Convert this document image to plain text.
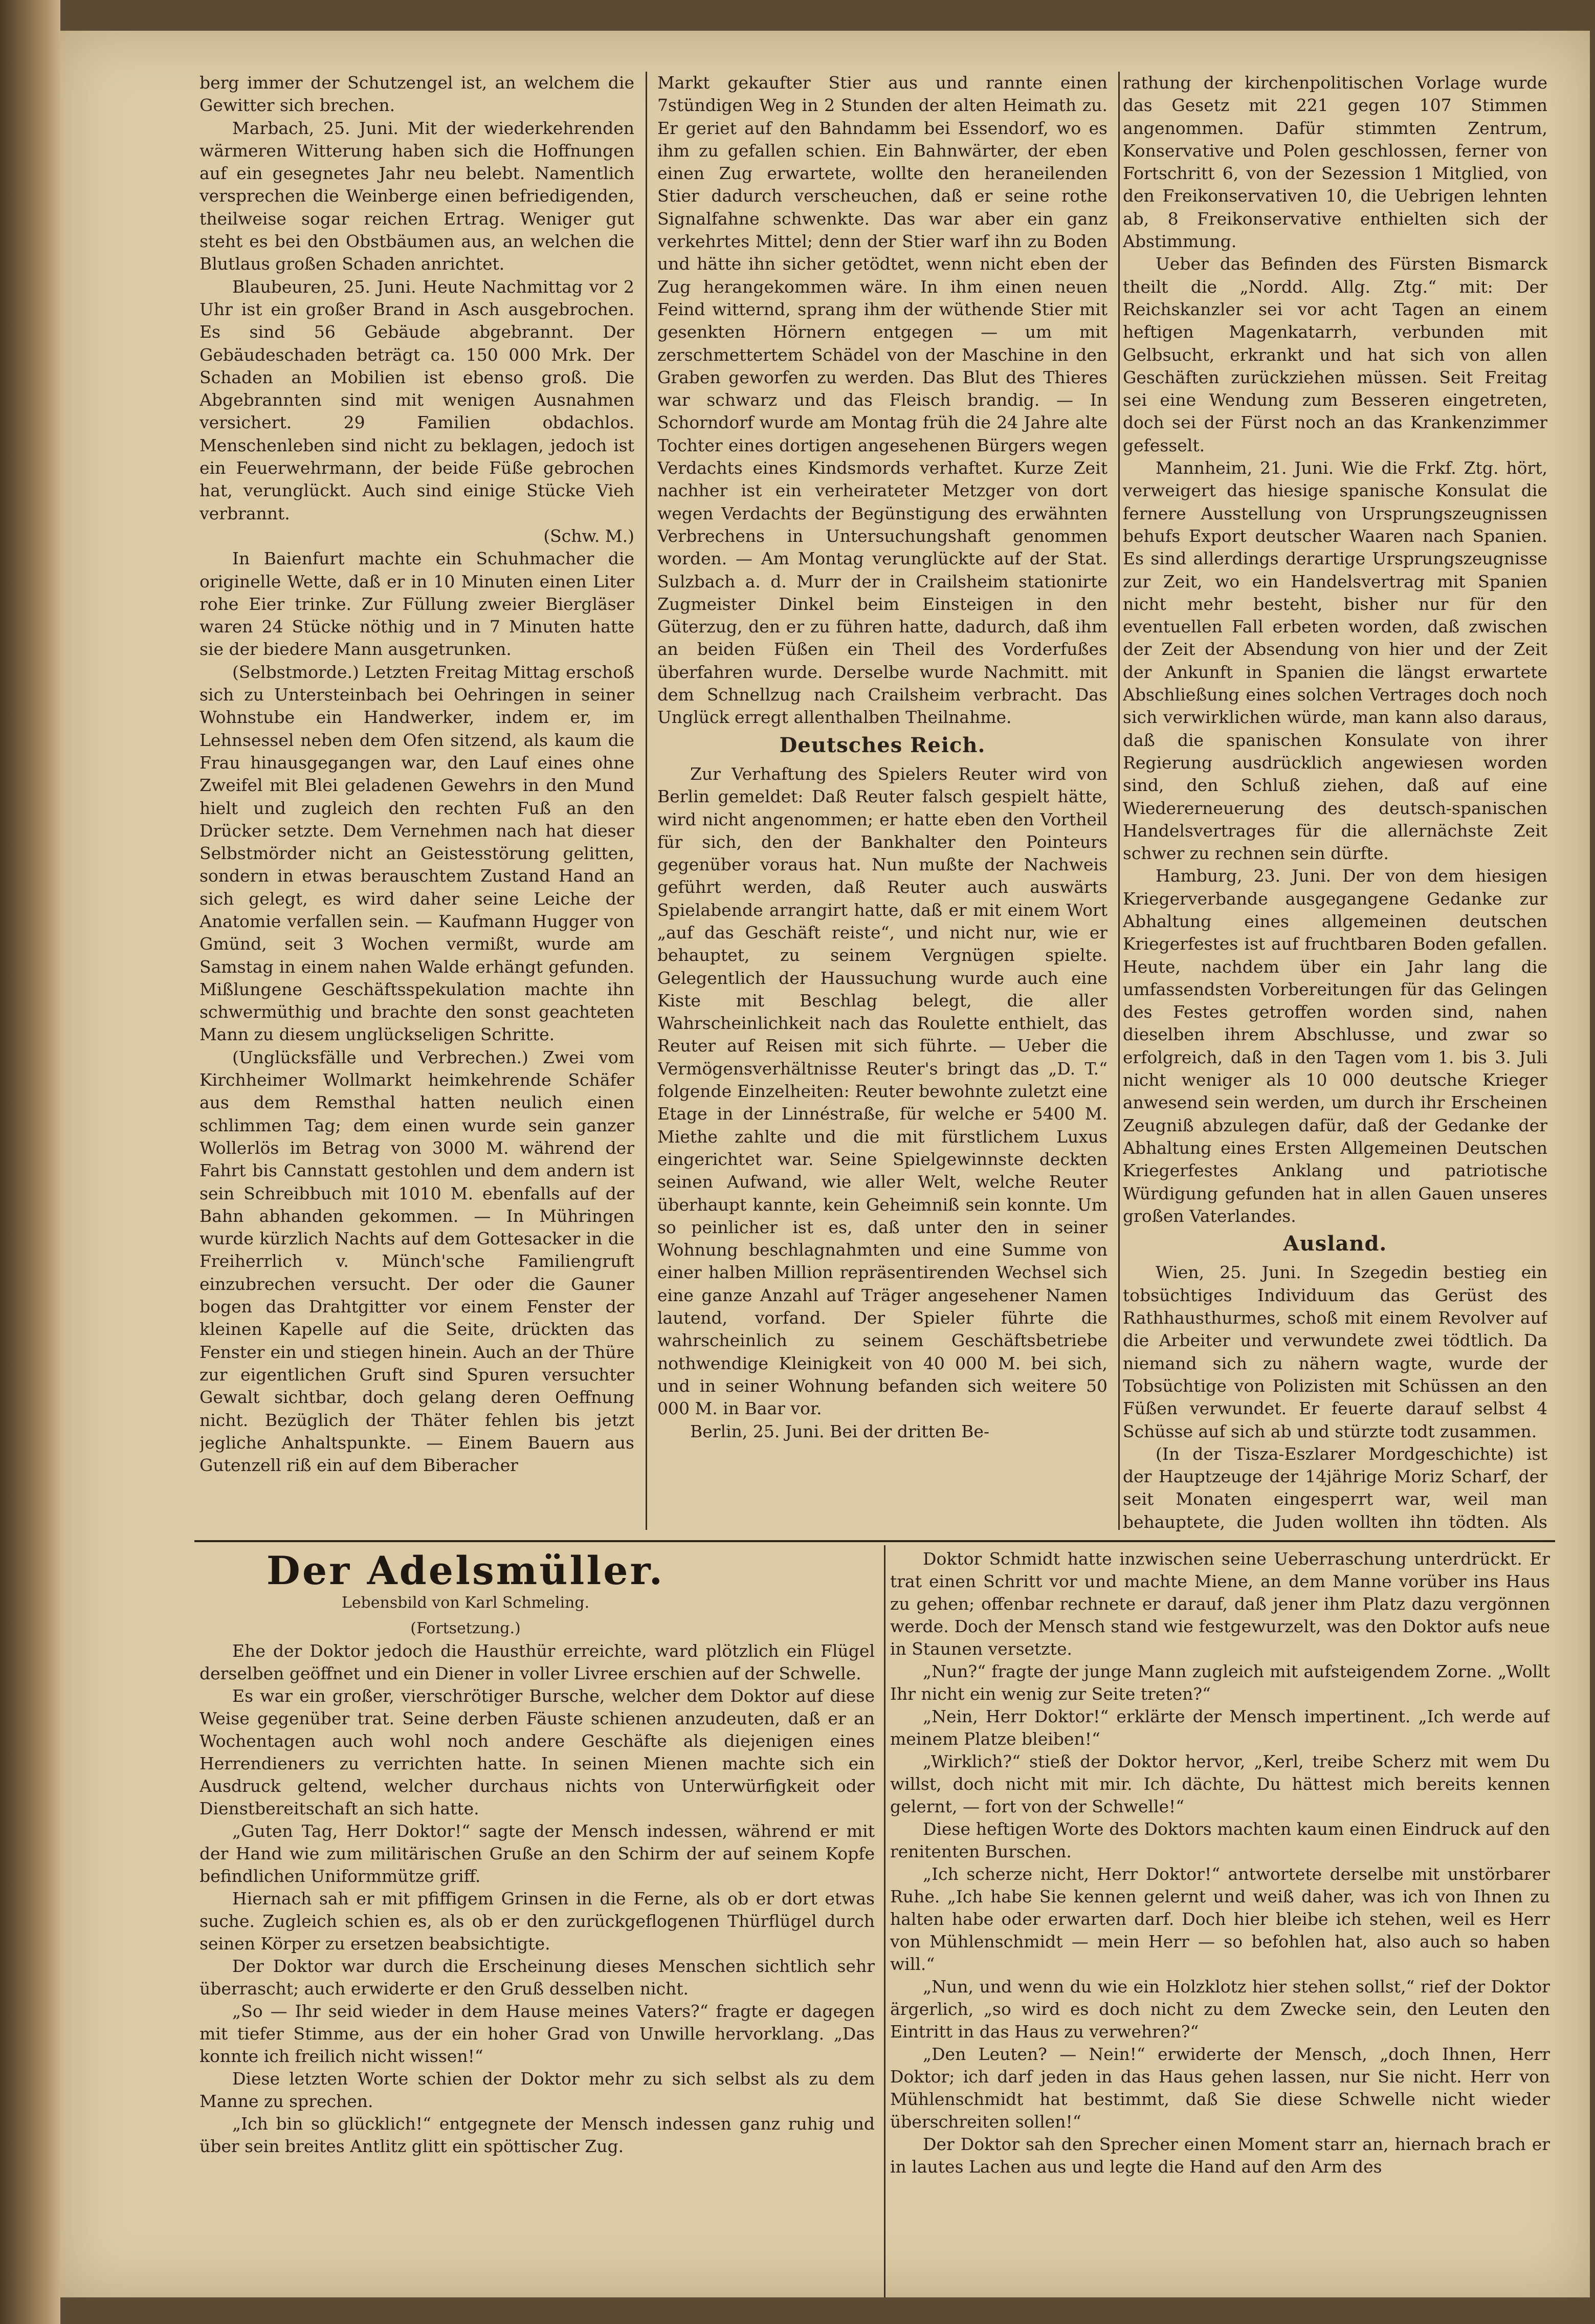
berg immer der Schutzengel ist, an welchem die Gewitter sich brechen.

Marbach, 25. Juni. Mit der wiederkehrenden wärmeren Witterung haben sich die Hoffnungen auf ein gesegnetes Jahr neu belebt. Namentlich versprechen die Weinberge einen befriedigenden, theilweise sogar reichen Ertrag. Weniger gut steht es bei den Obstbäumen aus, an welchen die Blutlaus großen Schaden anrichtet.

Blaubeuren, 25. Juni. Heute Nachmittag vor 2 Uhr ist ein großer Brand in Asch ausgebrochen. Es sind 56 Gebäude abgebrannt. Der Gebäudeschaden beträgt ca. 150 000 Mrk. Der Schaden an Mobilien ist ebenso groß. Die Abgebrannten sind mit wenigen Ausnahmen versichert. 29 Familien obdachlos. Menschenleben sind nicht zu beklagen, jedoch ist ein Feuerwehrmann, der beide Füße gebrochen hat, verunglückt. Auch sind einige Stücke Vieh verbrannt.

(Schw. M.)

In Baienfurt machte ein Schuhmacher die originelle Wette, daß er in 10 Minuten einen Liter rohe Eier trinke. Zur Füllung zweier Biergläser waren 24 Stücke nöthig und in 7 Minuten hatte sie der biedere Mann ausgetrunken.

(Selbstmorde.) Letzten Freitag Mittag erschoß sich zu Untersteinbach bei Oehringen in seiner Wohnstube ein Handwerker, indem er, im Lehnsessel neben dem Ofen sitzend, als kaum die Frau hinausgegangen war, den Lauf eines ohne Zweifel mit Blei geladenen Gewehrs in den Mund hielt und zugleich den rechten Fuß an den Drücker setzte. Dem Vernehmen nach hat dieser Selbstmörder nicht an Geistesstörung gelitten, sondern in etwas berauschtem Zustand Hand an sich gelegt, es wird daher seine Leiche der Anatomie verfallen sein. — Kaufmann Hugger von Gmünd, seit 3 Wochen vermißt, wurde am Samstag in einem nahen Walde erhängt gefunden. Mißlungene Geschäftsspekulation machte ihn schwermüthig und brachte den sonst geachteten Mann zu diesem unglückseligen Schritte.

(Unglücksfälle und Verbrechen.) Zwei vom Kirchheimer Wollmarkt heimkehrende Schäfer aus dem Remsthal hatten neulich einen schlimmen Tag; dem einen wurde sein ganzer Wollerlös im Betrag von 3000 M. während der Fahrt bis Cannstatt gestohlen und dem andern ist sein Schreibbuch mit 1010 M. ebenfalls auf der Bahn abhanden gekommen. — In Mühringen wurde kürzlich Nachts auf dem Gottesacker in die Freiherrlich v. Münch'sche Familiengruft einzubrechen versucht. Der oder die Gauner bogen das Drahtgitter vor einem Fenster der kleinen Kapelle auf die Seite, drückten das Fenster ein und stiegen hinein. Auch an der Thüre zur eigentlichen Gruft sind Spuren versuchter Gewalt sichtbar, doch gelang deren Oeffnung nicht. Bezüglich der Thäter fehlen bis jetzt jegliche Anhaltspunkte. — Einem Bauern aus Gutenzell riß ein auf dem Biberacher

Markt gekaufter Stier aus und rannte einen 7stündigen Weg in 2 Stunden der alten Heimath zu. Er geriet auf den Bahndamm bei Essendorf, wo es ihm zu gefallen schien. Ein Bahnwärter, der eben einen Zug erwartete, wollte den heraneilenden Stier dadurch verscheuchen, daß er seine rothe Signalfahne schwenkte. Das war aber ein ganz verkehrtes Mittel; denn der Stier warf ihn zu Boden und hätte ihn sicher getödtet, wenn nicht eben der Zug herangekommen wäre. In ihm einen neuen Feind witternd, sprang ihm der wüthende Stier mit gesenkten Hörnern entgegen — um mit zerschmettertem Schädel von der Maschine in den Graben geworfen zu werden. Das Blut des Thieres war schwarz und das Fleisch brandig. — In Schorndorf wurde am Montag früh die 24 Jahre alte Tochter eines dortigen angesehenen Bürgers wegen Verdachts eines Kindsmords verhaftet. Kurze Zeit nachher ist ein verheirateter Metzger von dort wegen Verdachts der Begünstigung des erwähnten Verbrechens in Untersuchungshaft genommen worden. — Am Montag verunglückte auf der Stat. Sulzbach a. d. Murr der in Crailsheim stationirte Zugmeister Dinkel beim Einsteigen in den Güterzug, den er zu führen hatte, dadurch, daß ihm an beiden Füßen ein Theil des Vorderfußes überfahren wurde. Derselbe wurde Nachmitt. mit dem Schnellzug nach Crailsheim verbracht. Das Unglück erregt allenthalben Theilnahme.

Deutsches Reich.

Zur Verhaftung des Spielers Reuter wird von Berlin gemeldet: Daß Reuter falsch gespielt hätte, wird nicht angenommen; er hatte eben den Vortheil für sich, den der Bankhalter den Pointeurs gegenüber voraus hat. Nun mußte der Nachweis geführt werden, daß Reuter auch auswärts Spielabende arrangirt hatte, daß er mit einem Wort „auf das Geschäft reiste“, und nicht nur, wie er behauptet, zu seinem Vergnügen spielte. Gelegentlich der Haussuchung wurde auch eine Kiste mit Beschlag belegt, die aller Wahrscheinlichkeit nach das Roulette enthielt, das Reuter auf Reisen mit sich führte. — Ueber die Vermögensverhältnisse Reuter's bringt das „D. T.“ folgende Einzelheiten: Reuter bewohnte zuletzt eine Etage in der Linnéstraße, für welche er 5400 M. Miethe zahlte und die mit fürstlichem Luxus eingerichtet war. Seine Spielgewinnste deckten seinen Aufwand, wie aller Welt, welche Reuter überhaupt kannte, kein Geheimniß sein konnte. Um so peinlicher ist es, daß unter den in seiner Wohnung beschlagnahmten und eine Summe von einer halben Million repräsentirenden Wechsel sich eine ganze Anzahl auf Träger angesehener Namen lautend, vorfand. Der Spieler führte die wahrscheinlich zu seinem Geschäftsbetriebe nothwendige Kleinigkeit von 40 000 M. bei sich, und in seiner Wohnung befanden sich weitere 50 000 M. in Baar vor.

Berlin, 25. Juni. Bei der dritten Be-

rathung der kirchenpolitischen Vorlage wurde das Gesetz mit 221 gegen 107 Stimmen angenommen. Dafür stimmten Zentrum, Konservative und Polen geschlossen, ferner von Fortschritt 6, von der Sezession 1 Mitglied, von den Freikonservativen 10, die Uebrigen lehnten ab, 8 Freikonservative enthielten sich der Abstimmung.

Ueber das Befinden des Fürsten Bismarck theilt die „Nordd. Allg. Ztg.“ mit: Der Reichskanzler sei vor acht Tagen an einem heftigen Magenkatarrh, verbunden mit Gelbsucht, erkrankt und hat sich von allen Geschäften zurückziehen müssen. Seit Freitag sei eine Wendung zum Besseren eingetreten, doch sei der Fürst noch an das Krankenzimmer gefesselt.

Mannheim, 21. Juni. Wie die Frkf. Ztg. hört, verweigert das hiesige spanische Konsulat die fernere Ausstellung von Ursprungszeugnissen behufs Export deutscher Waaren nach Spanien. Es sind allerdings derartige Ursprungszeugnisse zur Zeit, wo ein Handelsvertrag mit Spanien nicht mehr besteht, bisher nur für den eventuellen Fall erbeten worden, daß zwischen der Zeit der Absendung von hier und der Zeit der Ankunft in Spanien die längst erwartete Abschließung eines solchen Vertrages doch noch sich verwirklichen würde, man kann also daraus, daß die spanischen Konsulate von ihrer Regierung ausdrücklich angewiesen worden sind, den Schluß ziehen, daß auf eine Wiedererneuerung des deutsch-spanischen Handelsvertrages für die allernächste Zeit schwer zu rechnen sein dürfte.

Hamburg, 23. Juni. Der von dem hiesigen Kriegerverbande ausgegangene Gedanke zur Abhaltung eines allgemeinen deutschen Kriegerfestes ist auf fruchtbaren Boden gefallen. Heute, nachdem über ein Jahr lang die umfassendsten Vorbereitungen für das Gelingen des Festes getroffen worden sind, nahen dieselben ihrem Abschlusse, und zwar so erfolgreich, daß in den Tagen vom 1. bis 3. Juli nicht weniger als 10 000 deutsche Krieger anwesend sein werden, um durch ihr Erscheinen Zeugniß abzulegen dafür, daß der Gedanke der Abhaltung eines Ersten Allgemeinen Deutschen Kriegerfestes Anklang und patriotische Würdigung gefunden hat in allen Gauen unseres großen Vaterlandes.

Ausland.

Wien, 25. Juni. In Szegedin bestieg ein tobsüchtiges Individuum das Gerüst des Rathhausthurmes, schoß mit einem Revolver auf die Arbeiter und verwundete zwei tödtlich. Da niemand sich zu nähern wagte, wurde der Tobsüchtige von Polizisten mit Schüssen an den Füßen verwundet. Er feuerte darauf selbst 4 Schüsse auf sich ab und stürzte todt zusammen.

(In der Tisza-Eszlarer Mordgeschichte) ist der Hauptzeuge der 14jährige Moriz Scharf, der seit Monaten eingesperrt war, weil man behauptete, die Juden wollten ihn tödten. Als

Der Adelsmüller.
Lebensbild von Karl Schmeling.
(Fortsetzung.)

Ehe der Doktor jedoch die Hausthür erreichte, ward plötzlich ein Flügel derselben geöffnet und ein Diener in voller Livree erschien auf der Schwelle.

Es war ein großer, vierschrötiger Bursche, welcher dem Doktor auf diese Weise gegenüber trat. Seine derben Fäuste schienen anzudeuten, daß er an Wochentagen auch wohl noch andere Geschäfte als diejenigen eines Herrendieners zu verrichten hatte. In seinen Mienen machte sich ein Ausdruck geltend, welcher durchaus nichts von Unterwürfigkeit oder Dienstbereitschaft an sich hatte.

„Guten Tag, Herr Doktor!“ sagte der Mensch indessen, während er mit der Hand wie zum militärischen Gruße an den Schirm der auf seinem Kopfe befindlichen Uniformmütze griff.

Hiernach sah er mit pfiffigem Grinsen in die Ferne, als ob er dort etwas suche. Zugleich schien es, als ob er den zurückgeflogenen Thürflügel durch seinen Körper zu ersetzen beabsichtigte.

Der Doktor war durch die Erscheinung dieses Menschen sichtlich sehr überrascht; auch erwiderte er den Gruß desselben nicht.

„So — Ihr seid wieder in dem Hause meines Vaters?“ fragte er dagegen mit tiefer Stimme, aus der ein hoher Grad von Unwille hervorklang. „Das konnte ich freilich nicht wissen!“

Diese letzten Worte schien der Doktor mehr zu sich selbst als zu dem Manne zu sprechen.

„Ich bin so glücklich!“ entgegnete der Mensch indessen ganz ruhig und über sein breites Antlitz glitt ein spöttischer Zug.

Doktor Schmidt hatte inzwischen seine Ueberraschung unterdrückt. Er trat einen Schritt vor und machte Miene, an dem Manne vorüber ins Haus zu gehen; offenbar rechnete er darauf, daß jener ihm Platz dazu vergönnen werde. Doch der Mensch stand wie festgewurzelt, was den Doktor aufs neue in Staunen versetzte.

„Nun?“ fragte der junge Mann zugleich mit aufsteigendem Zorne. „Wollt Ihr nicht ein wenig zur Seite treten?“

„Nein, Herr Doktor!“ erklärte der Mensch impertinent. „Ich werde auf meinem Platze bleiben!“

„Wirklich?“ stieß der Doktor hervor, „Kerl, treibe Scherz mit wem Du willst, doch nicht mit mir. Ich dächte, Du hättest mich bereits kennen gelernt, — fort von der Schwelle!“

Diese heftigen Worte des Doktors machten kaum einen Eindruck auf den renitenten Burschen.

„Ich scherze nicht, Herr Doktor!“ antwortete derselbe mit unstörbarer Ruhe. „Ich habe Sie kennen gelernt und weiß daher, was ich von Ihnen zu halten habe oder erwarten darf. Doch hier bleibe ich stehen, weil es Herr von Mühlenschmidt — mein Herr — so befohlen hat, also auch so haben will.“

„Nun, und wenn du wie ein Holzklotz hier stehen sollst,“ rief der Doktor ärgerlich, „so wird es doch nicht zu dem Zwecke sein, den Leuten den Eintritt in das Haus zu verwehren?“

„Den Leuten? — Nein!“ erwiderte der Mensch, „doch Ihnen, Herr Doktor; ich darf jeden in das Haus gehen lassen, nur Sie nicht. Herr von Mühlenschmidt hat bestimmt, daß Sie diese Schwelle nicht wieder überschreiten sollen!“

Der Doktor sah den Sprecher einen Moment starr an, hiernach brach er in lautes Lachen aus und legte die Hand auf den Arm des
